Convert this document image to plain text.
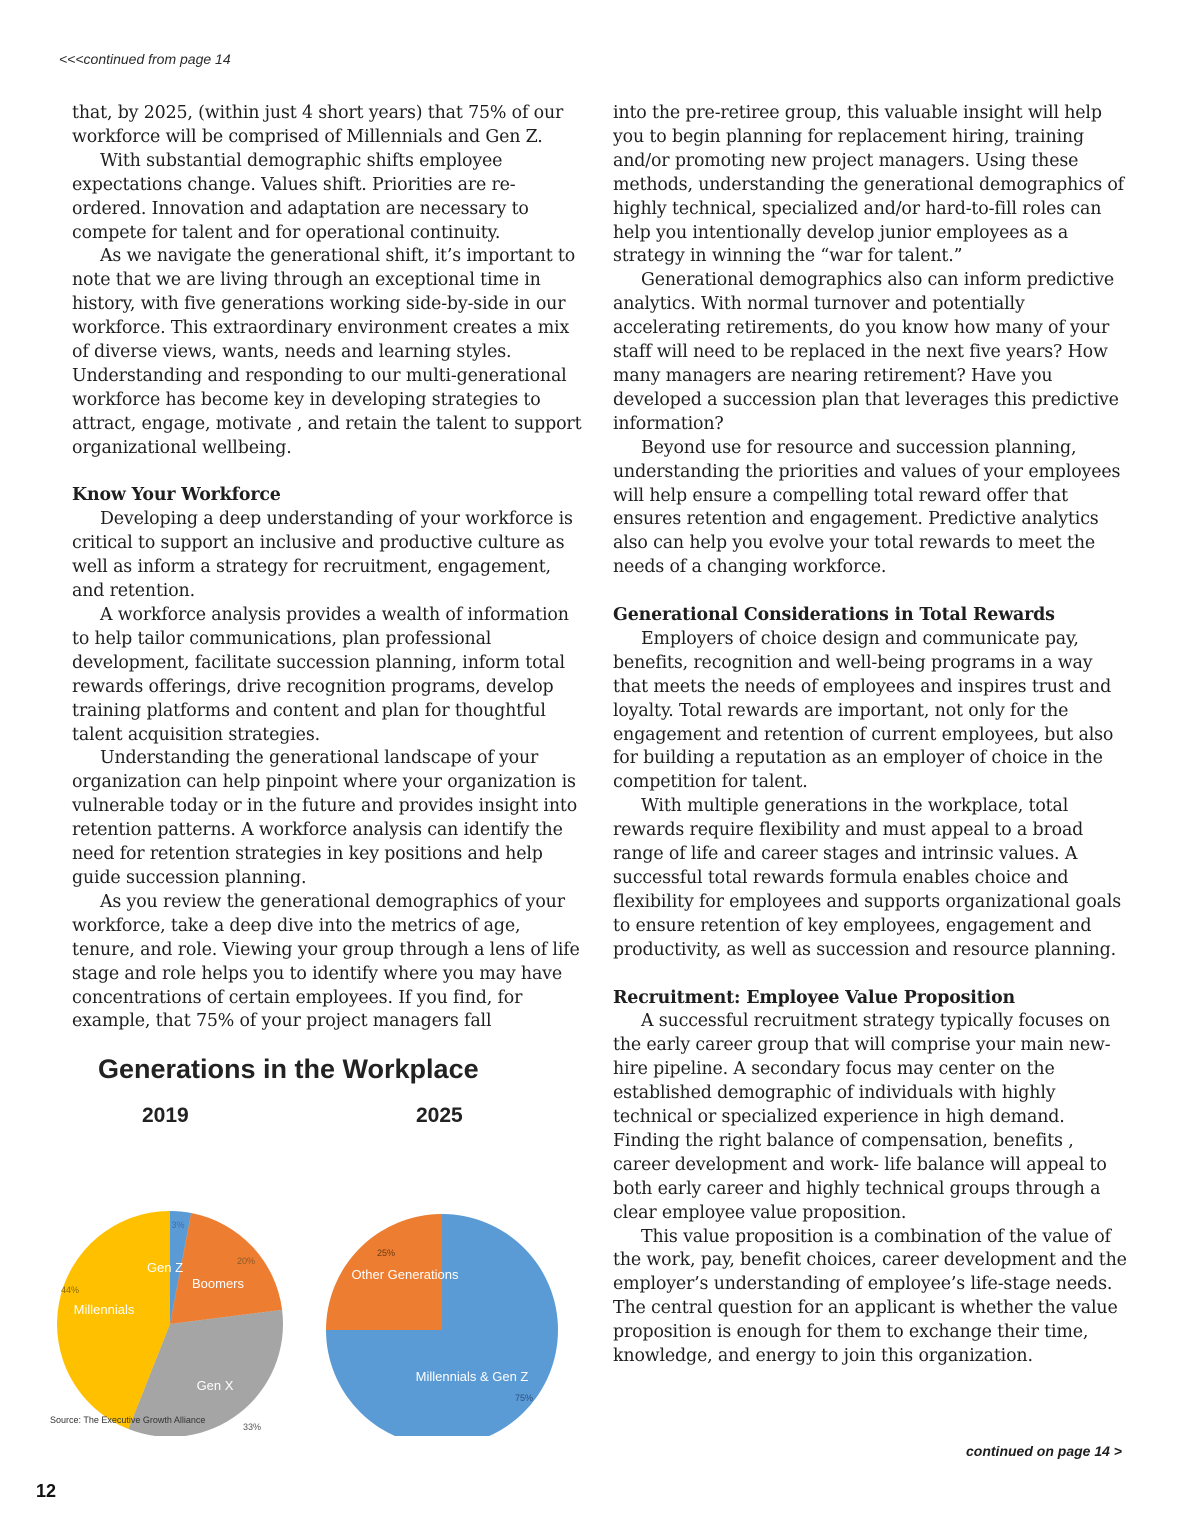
<<<continued from page 14

that, by 2025, (within just 4 short years) that 75% of our workforce will be comprised of Millennials and Gen Z.

With substantial demographic shifts employee expectations change. Values shift. Priorities are re-ordered. Innovation and adaptation are necessary to compete for talent and for operational continuity.

As we navigate the generational shift, it’s important to note that we are living through an exceptional time in history, with five generations working side-by-side in our workforce. This extraordinary environment creates a mix of diverse views, wants, needs and learning styles. Understanding and responding to our multi-generational workforce has become key in developing strategies to attract, engage, motivate , and retain the talent to support organizational wellbeing.

Know Your Workforce

Developing a deep understanding of your workforce is critical to support an inclusive and productive culture as well as inform a strategy for recruitment, engagement, and retention.

A workforce analysis provides a wealth of information to help tailor communications, plan professional development, facilitate succession planning, inform total rewards offerings, drive recognition programs, develop training platforms and content and plan for thoughtful talent acquisition strategies.

Understanding the generational landscape of your organization can help pinpoint where your organization is vulnerable today or in the future and provides insight into retention patterns. A workforce analysis can identify the need for retention strategies in key positions and help guide succession planning.

As you review the generational demographics of your workforce, take a deep dive into the metrics of age, tenure, and role. Viewing your group through a lens of life stage and role helps you to identify where you may have concentrations of certain employees. If you find, for example, that 75% of your project managers fall

into the pre-retiree group, this valuable insight will help you to begin planning for replacement hiring, training and/or promoting new project managers. Using these methods, understanding the generational demographics of highly technical, specialized and/or hard-to-fill roles can help you intentionally develop junior employees as a strategy in winning the “war for talent.”

Generational demographics also can inform predictive analytics. With normal turnover and potentially accelerating retirements, do you know how many of your staff will need to be replaced in the next five years? How many managers are nearing retirement? Have you developed a succession plan that leverages this predictive information?

Beyond use for resource and succession planning, understanding the priorities and values of your employees will help ensure a compelling total reward offer that ensures retention and engagement. Predictive analytics also can help you evolve your total rewards to meet the needs of a changing workforce.

Generational Considerations in Total Rewards

Employers of choice design and communicate pay, benefits, recognition and well-being programs in a way that meets the needs of employees and inspires trust and loyalty. Total rewards are important, not only for the engagement and retention of current employees, but also for building a reputation as an employer of choice in the competition for talent.

With multiple generations in the workplace, total rewards require flexibility and must appeal to a broad range of life and career stages and intrinsic values. A successful total rewards formula enables choice and flexibility for employees and supports organizational goals to ensure retention of key employees, engagement and productivity, as well as succession and resource planning.

Recruitment: Employee Value Proposition

A successful recruitment strategy typically focuses on the early career group that will comprise your main new-hire pipeline. A secondary focus may center on the established demographic of individuals with highly technical or specialized experience in high demand. Finding the right balance of compensation, benefits , career development and work- life balance will appeal to both early career and highly technical groups through a clear employee value proposition.

This value proposition is a combination of the value of the work, pay, benefit choices, career development and the employer’s understanding of employee’s life-stage needs. The central question for an applicant is whether the value proposition is enough for them to exchange their time, knowledge, and energy to join this organization.

Gen Z
3%
Boomers
20%
Gen X
33%
Millennials
44%
Millennials & Gen Z
75%
Other Generations
25%

Generations in the Workplace

2019	2025

Source: The Executive Growth Alliance

continued on page 14 >

12
